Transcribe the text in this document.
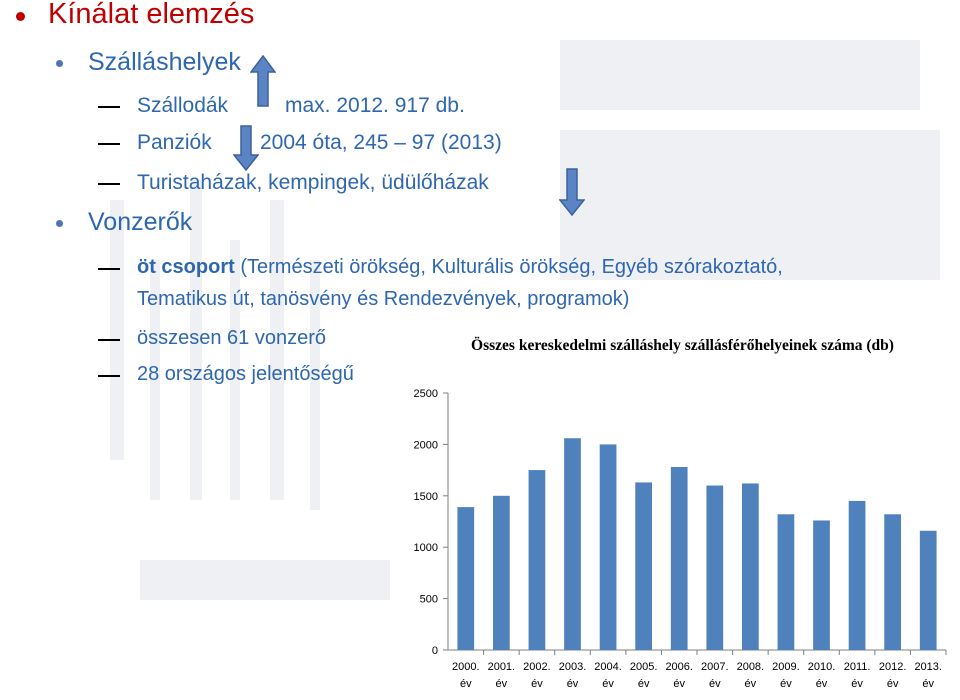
Kínálat elemzés
Szálláshelyek
Szállodák	max. 2012. 917 db.
Panziók 2004 óta, 245 – 97 (2013)
Turistaházak, kempingek, üdülőházak
Vonzerők
öt csoport (Természeti örökség, Kulturális örökség, Egyéb szórakoztató,
Tematikus út, tanösvény és Rendezvények, programok)
összesen 61 vonzerő
28 országos jelentőségű
Összes kereskedelmi szálláshely szállásférőhelyeinek száma (db)
0
500
1000
1500
2000
2500
2000.
év
2001.
év
2002.
év
2003.
év
2004.
év
2005.
év
2006.
év
2007.
év
2008.
év
2009.
év
2010.
év
2011.
év
2012.
év
2013.
év
